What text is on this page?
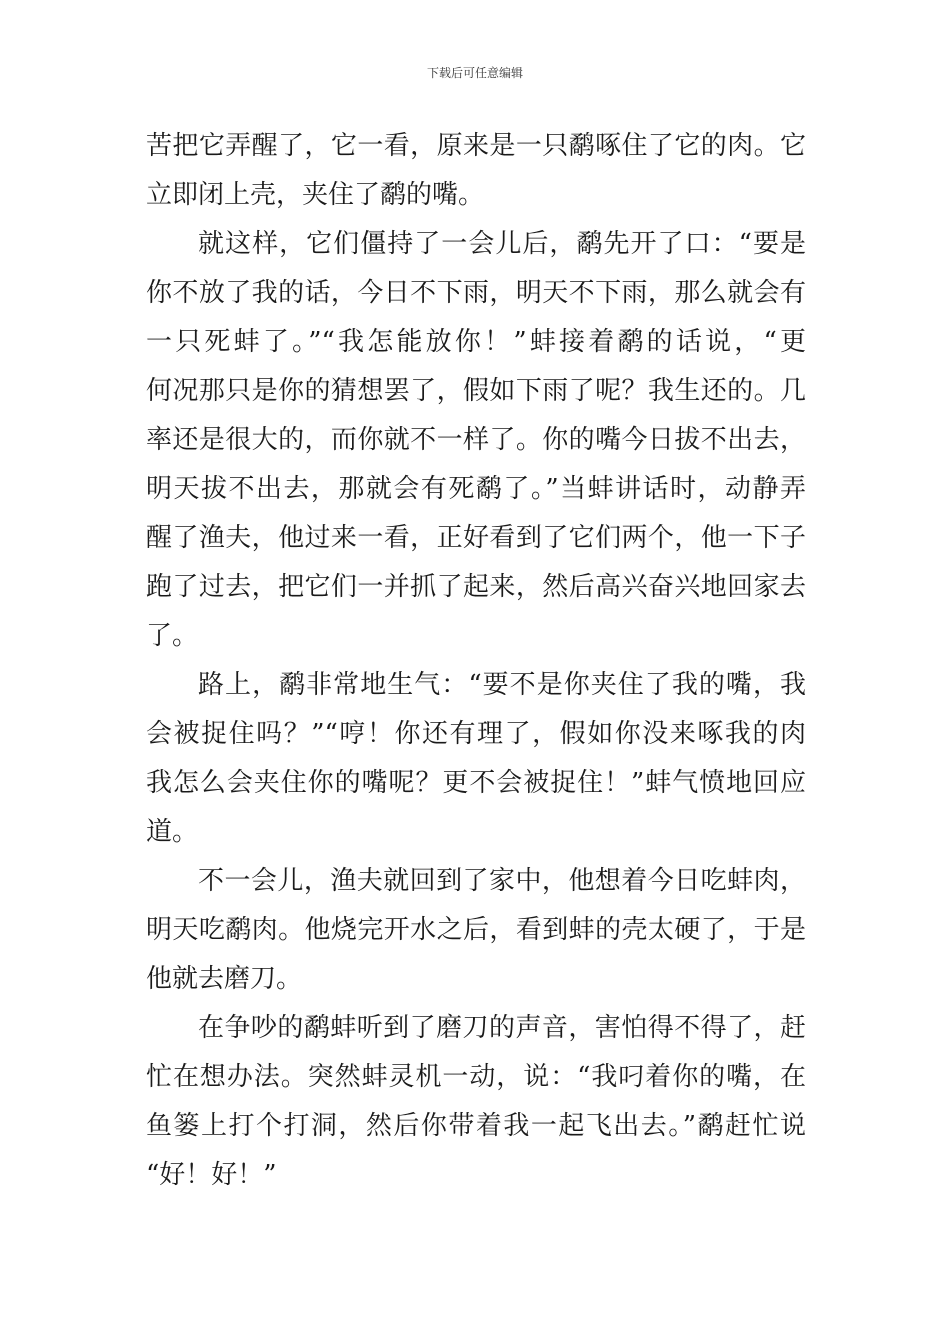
下载后可任意编辑
苦把它弄醒了，它一看，原来是一只鹬啄住了它的肉。它
立即闭上壳，夹住了鹬的嘴。
就这样，它们僵持了一会儿后，鹬先开了口：“要是
你不放了我的话，今日不下雨，明天不下雨，那么就会有
一只死蚌了。”“我怎能放你！”蚌接着鹬的话说，“更
何况那只是你的猜想罢了，假如下雨了呢？我生还的。几
率还是很大的，而你就不一样了。你的嘴今日拔不出去，
明天拔不出去，那就会有死鹬了。”当蚌讲话时，动静弄
醒了渔夫，他过来一看，正好看到了它们两个，他一下子
跑了过去，把它们一并抓了起来，然后高兴奋兴地回家去
了。
路上，鹬非常地生气：“要不是你夹住了我的嘴，我
会被捉住吗？”“哼！你还有理了，假如你没来啄我的肉
我怎么会夹住你的嘴呢？更不会被捉住！”蚌气愤地回应
道。
不一会儿，渔夫就回到了家中，他想着今日吃蚌肉，
明天吃鹬肉。他烧完开水之后，看到蚌的壳太硬了，于是
他就去磨刀。
在争吵的鹬蚌听到了磨刀的声音，害怕得不得了，赶
忙在想办法。突然蚌灵机一动，说：“我叼着你的嘴，在
鱼篓上打个打洞，然后你带着我一起飞出去。”鹬赶忙说
“好！好！”
